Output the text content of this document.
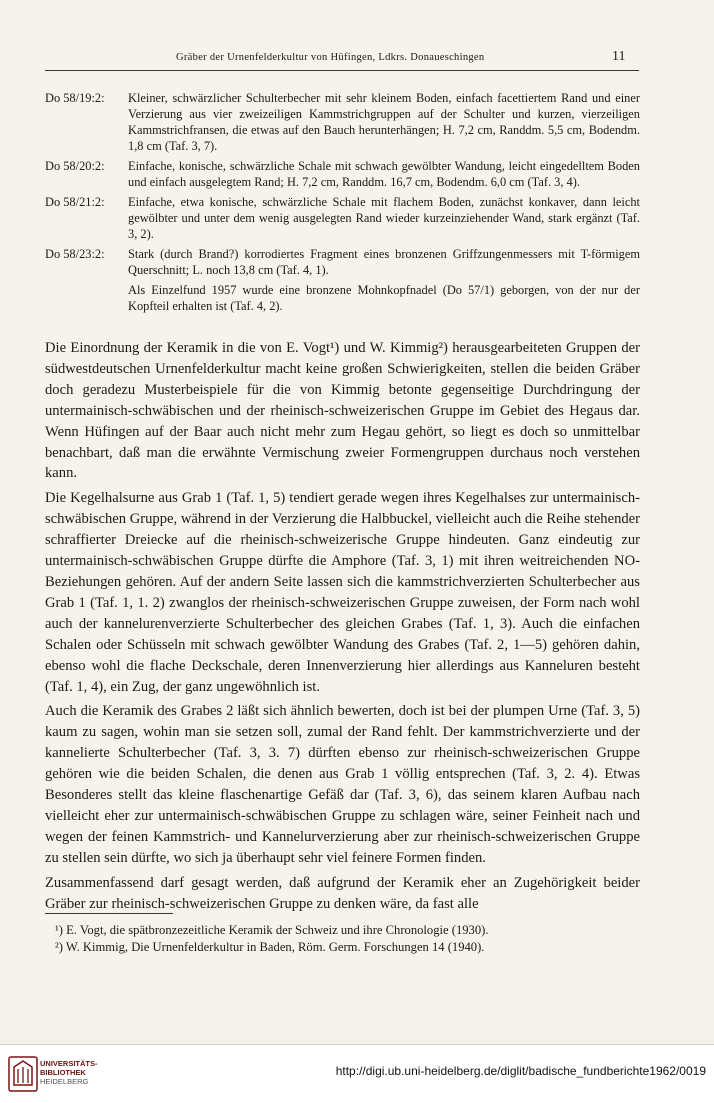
Gräber der Urnenfelderkultur von Hüfingen, Ldkrs. Donaueschingen	11
Do 58/19:2:	Kleiner, schwärzlicher Schulterbecher mit sehr kleinem Boden, einfach facettiertem Rand und einer Verzierung aus vier zweizeiligen Kammstrichgruppen auf der Schulter und kurzen, vierzeiligen Kammstrichfransen, die etwas auf den Bauch herunterhängen; H. 7,2 cm, Randdm. 5,5 cm, Bodendm. 1,8 cm (Taf. 3, 7).
Do 58/20:2:	Einfache, konische, schwärzliche Schale mit schwach gewölbter Wandung, leicht eingedelltem Boden und einfach ausgelegtem Rand; H. 7,2 cm, Randdm. 16,7 cm, Bodendm. 6,0 cm (Taf. 3, 4).
Do 58/21:2:	Einfache, etwa konische, schwärzliche Schale mit flachem Boden, zunächst konkaver, dann leicht gewölbter und unter dem wenig ausgelegten Rand wieder kurzeinziehender Wand, stark ergänzt (Taf. 3, 2).
Do 58/23:2:	Stark (durch Brand?) korrodiertes Fragment eines bronzenen Griffzungenmessers mit T-förmigem Querschnitt; L. noch 13,8 cm (Taf. 4, 1).
Als Einzelfund 1957 wurde eine bronzene Mohnkopfnadel (Do 57/1) geborgen, von der nur der Kopfteil erhalten ist (Taf. 4, 2).

Die Einordnung der Keramik in die von E. Vogt¹) und W. Kimmig²) herausgearbeiteten Gruppen der südwestdeutschen Urnenfelderkultur macht keine großen Schwierigkeiten, stellen die beiden Gräber doch geradezu Musterbeispiele für die von Kimmig betonte gegenseitige Durchdringung der untermainisch-schwäbischen und der rheinisch-schweizerischen Gruppe im Gebiet des Hegaus dar. Wenn Hüfingen auf der Baar auch nicht mehr zum Hegau gehört, so liegt es doch so unmittelbar benachbart, daß man die erwähnte Vermischung zweier Formengruppen durchaus noch verstehen kann.

Die Kegelhalsurne aus Grab 1 (Taf. 1, 5) tendiert gerade wegen ihres Kegelhalses zur untermainisch-schwäbischen Gruppe, während in der Verzierung die Halbbuckel, vielleicht auch die Reihe stehender schraffierter Dreiecke auf die rheinisch-schweizerische Gruppe hindeuten. Ganz eindeutig zur untermainisch-schwäbischen Gruppe dürfte die Amphore (Taf. 3, 1) mit ihren weitreichenden NO-Beziehungen gehören. Auf der andern Seite lassen sich die kammstrichverzierten Schulterbecher aus Grab 1 (Taf. 1, 1. 2) zwanglos der rheinisch-schweizerischen Gruppe zuweisen, der Form nach wohl auch der kannelurenverzierte Schulterbecher des gleichen Grabes (Taf. 1, 3). Auch die einfachen Schalen oder Schüsseln mit schwach gewölbter Wandung des Grabes (Taf. 2, 1—5) gehören dahin, ebenso wohl die flache Deckschale, deren Innenverzierung hier allerdings aus Kanneluren besteht (Taf. 1, 4), ein Zug, der ganz ungewöhnlich ist.

Auch die Keramik des Grabes 2 läßt sich ähnlich bewerten, doch ist bei der plumpen Urne (Taf. 3, 5) kaum zu sagen, wohin man sie setzen soll, zumal der Rand fehlt. Der kammstrichverzierte und der kannelierte Schulterbecher (Taf. 3, 3. 7) dürften ebenso zur rheinisch-schweizerischen Gruppe gehören wie die beiden Schalen, die denen aus Grab 1 völlig entsprechen (Taf. 3, 2. 4). Etwas Besonderes stellt das kleine flaschenartige Gefäß dar (Taf. 3, 6), das seinem klaren Aufbau nach vielleicht eher zur untermainisch-schwäbischen Gruppe zu schlagen wäre, seiner Feinheit nach und wegen der feinen Kammstrich- und Kannelurverzierung aber zur rheinisch-schweizerischen Gruppe zu stellen sein dürfte, wo sich ja überhaupt sehr viel feinere Formen finden.

Zusammenfassend darf gesagt werden, daß aufgrund der Keramik eher an Zugehörigkeit beider Gräber zur rheinisch-schweizerischen Gruppe zu denken wäre, da fast alle

¹) E. Vogt, die spätbronzezeitliche Keramik der Schweiz und ihre Chronologie (1930).
²) W. Kimmig, Die Urnenfelderkultur in Baden, Röm. Germ. Forschungen 14 (1940).
UNIVERSITÄTS-
BIBLIOTHEK
HEIDELBERG
http://digi.ub.uni-heidelberg.de/diglit/badische_fundberichte1962/0019
